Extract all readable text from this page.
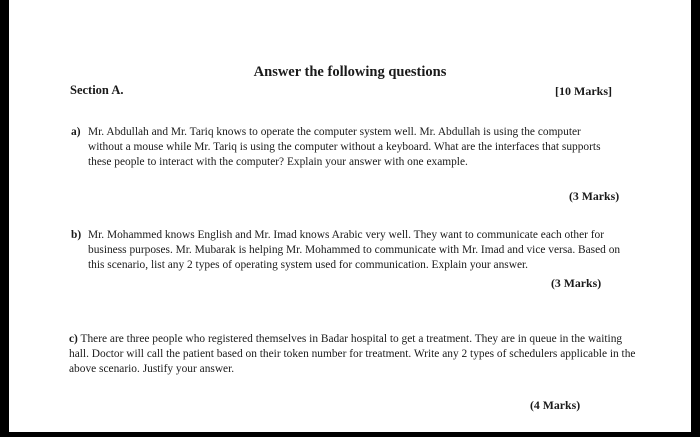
Answer the following questions
Section A.	[10 Marks]
a) Mr. Abdullah and Mr. Tariq knows to operate the computer system well. Mr. Abdullah is using the computer without a mouse while Mr. Tariq is using the computer without a keyboard. What are the interfaces that supports these people to interact with the computer? Explain your answer with one example.
(3 Marks)
b) Mr. Mohammed knows English and Mr. Imad knows Arabic very well. They want to communicate each other for business purposes. Mr. Mubarak is helping Mr. Mohammed to communicate with Mr. Imad and vice versa. Based on this scenario, list any 2 types of operating system used for communication. Explain your answer.
(3 Marks)
c) There are three people who registered themselves in Badar hospital to get a treatment. They are in queue in the waiting hall. Doctor will call the patient based on their token number for treatment. Write any 2 types of schedulers applicable in the above scenario. Justify your answer.
(4 Marks)
